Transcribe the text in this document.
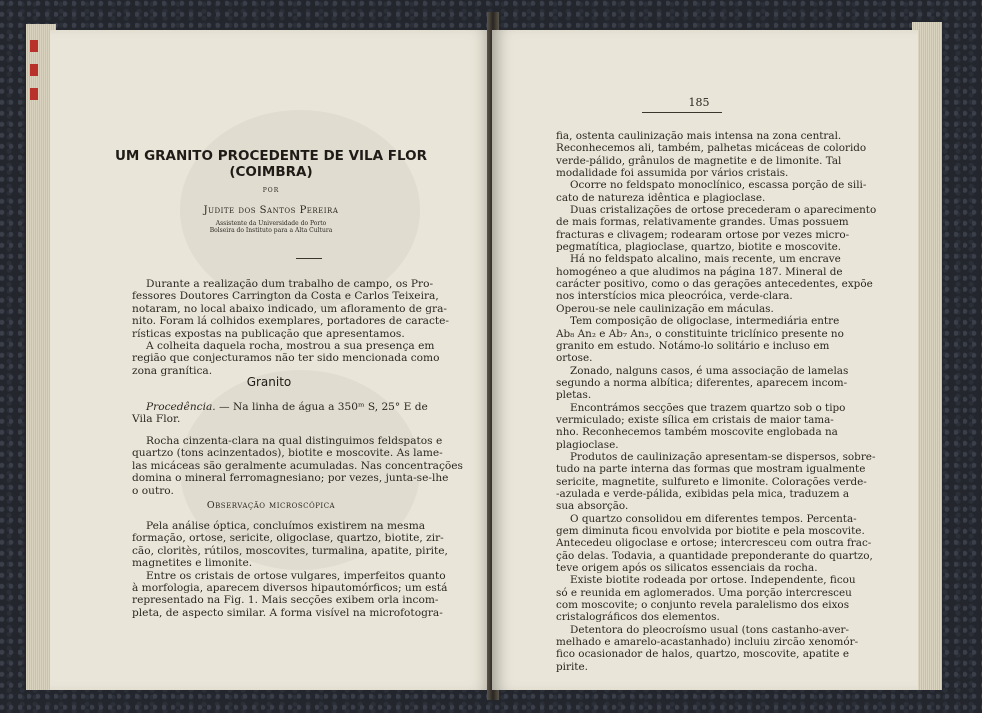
UM GRANITO PROCEDENTE DE VILA FLOR
(COIMBRA)
POR
Judite dos Santos Pereira
Assistente da Universidade do Porto
Bolseira do Instituto para a Alta Cultura
Durante a realização dum trabalho de campo, os Pro-
fessores Doutores Carrington da Costa e Carlos Teixeira,
notaram, no local abaixo indicado, um afloramento de gra-
nito. Foram lá colhidos exemplares, portadores de caracte-
rísticas expostas na publicação que apresentamos.
A colheita daquela rocha, mostrou a sua presença em
região que conjecturamos não ter sido mencionada como
zona granítica.
Granito
Procedência. — Na linha de água a 350ᵐ S, 25° E de
Vila Flor.
Rocha cinzenta-clara na qual distinguimos feldspatos e
quartzo (tons acinzentados), biotite e moscovite. As lame-
las micáceas são geralmente acumuladas. Nas concentrações
domina o mineral ferromagnesiano; por vezes, junta-se-lhe
o outro.
Observação microscópica
Pela análise óptica, concluímos existirem na mesma
formação, ortose, sericite, oligoclase, quartzo, biotite, zir-
cão, cloritès, rútilos, moscovites, turmalina, apatite, pirite,
magnetites e limonite.
Entre os cristais de ortose vulgares, imperfeitos quanto
à morfologia, aparecem diversos hipautomórficos; um está
representado na Fig. 1. Mais secções exibem orla incom-
pleta, de aspecto similar. A forma visível na microfotogra-
185
fia, ostenta caulinização mais intensa na zona central.
Reconhecemos ali, também, palhetas micáceas de colorido
verde-pálido, grânulos de magnetite e de limonite. Tal
modalidade foi assumida por vários cristais.
Ocorre no feldspato monoclínico, escassa porção de sili-
cato de natureza idêntica e plagioclase.
Duas cristalizações de ortose precederam o aparecimento
de mais formas, relativamente grandes. Umas possuem
fracturas e clivagem; rodearam ortose por vezes micro-
pegmatítica, plagioclase, quartzo, biotite e moscovite.
Há no feldspato alcalino, mais recente, um encrave
homogéneo a que aludimos na página 187. Mineral de
carácter positivo, como o das gerações antecedentes, expõe
nos interstícios mica pleocróica, verde-clara.
Operou-se nele caulinização em máculas.
Tem composição de oligoclase, intermediária entre
Ab₈ An₂ e Ab₇ An₃, o constituinte triclínico presente no
granito em estudo. Notámo-lo solitário e incluso em
ortose.
Zonado, nalguns casos, é uma associação de lamelas
segundo a norma albítica; diferentes, aparecem incom-
pletas.
Encontrámos secções que trazem quartzo sob o tipo
vermiculado; existe sílica em cristais de maior tama-
nho. Reconhecemos também moscovite englobada na
plagioclase.
Produtos de caulinização apresentam-se dispersos, sobre-
tudo na parte interna das formas que mostram igualmente
sericite, magnetite, sulfureto e limonite. Colorações verde-
-azulada e verde-pálida, exibidas pela mica, traduzem a
sua absorção.
O quartzo consolidou em diferentes tempos. Percenta-
gem diminuta ficou envolvida por biotite e pela moscovite.
Antecedeu oligoclase e ortose; intercresceu com outra frac-
ção delas. Todavia, a quantidade preponderante do quartzo,
teve origem após os silicatos essenciais da rocha.
Existe biotite rodeada por ortose. Independente, ficou
só e reunida em aglomerados. Uma porção intercresceu
com moscovite; o conjunto revela paralelismo dos eixos
cristalográficos dos elementos.
Detentora do pleocroísmo usual (tons castanho-aver-
melhado e amarelo-acastanhado) incluiu zircão xenomór-
fico ocasionador de halos, quartzo, moscovite, apatite e
pirite.
